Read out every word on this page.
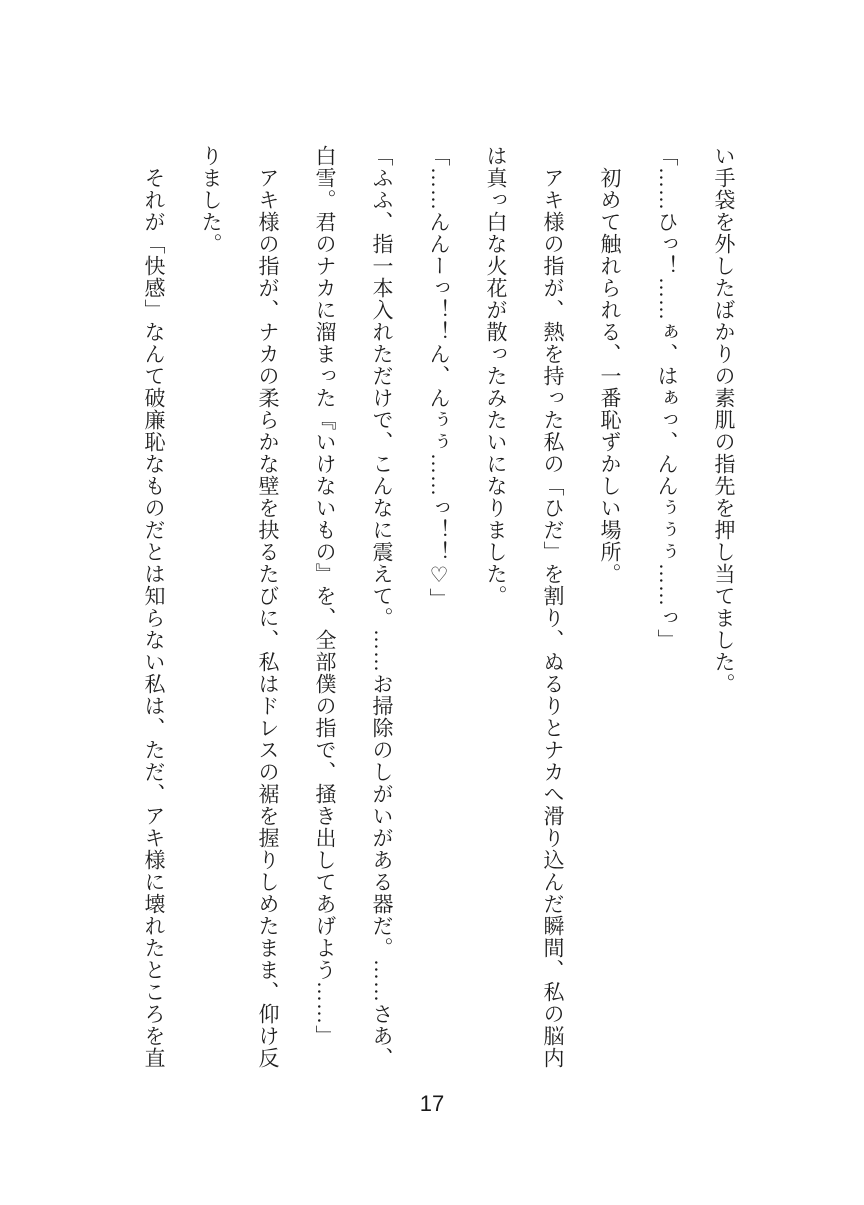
い手袋を外したばかりの素肌の指先を押し当てました。

「……ひっ！……ぁ、はぁっ、んんぅぅぅ……っ」

　初めて触れられる、一番恥ずかしい場所。

　アキ様の指が、熱を持った私の「ひだ」を割り、ぬるりとナカへ滑り込んだ瞬間、私の脳内

は真っ白な火花が散ったみたいになりました。

「……んんーっ！！ん、んぅぅ……っ！！♡」

「ふふ、指一本入れただけで、こんなに震えて。……お掃除のしがいがある器だ。……さあ、

白雪。君のナカに溜まった『いけないもの』を、全部僕の指で、掻き出してあげよう……」

　アキ様の指が、ナカの柔らかな壁を抉るたびに、私はドレスの裾を握りしめたまま、仰け反

りました。

　それが「快感」なんて破廉恥なものだとは知らない私は、ただ、アキ様に壊れたところを直

17
